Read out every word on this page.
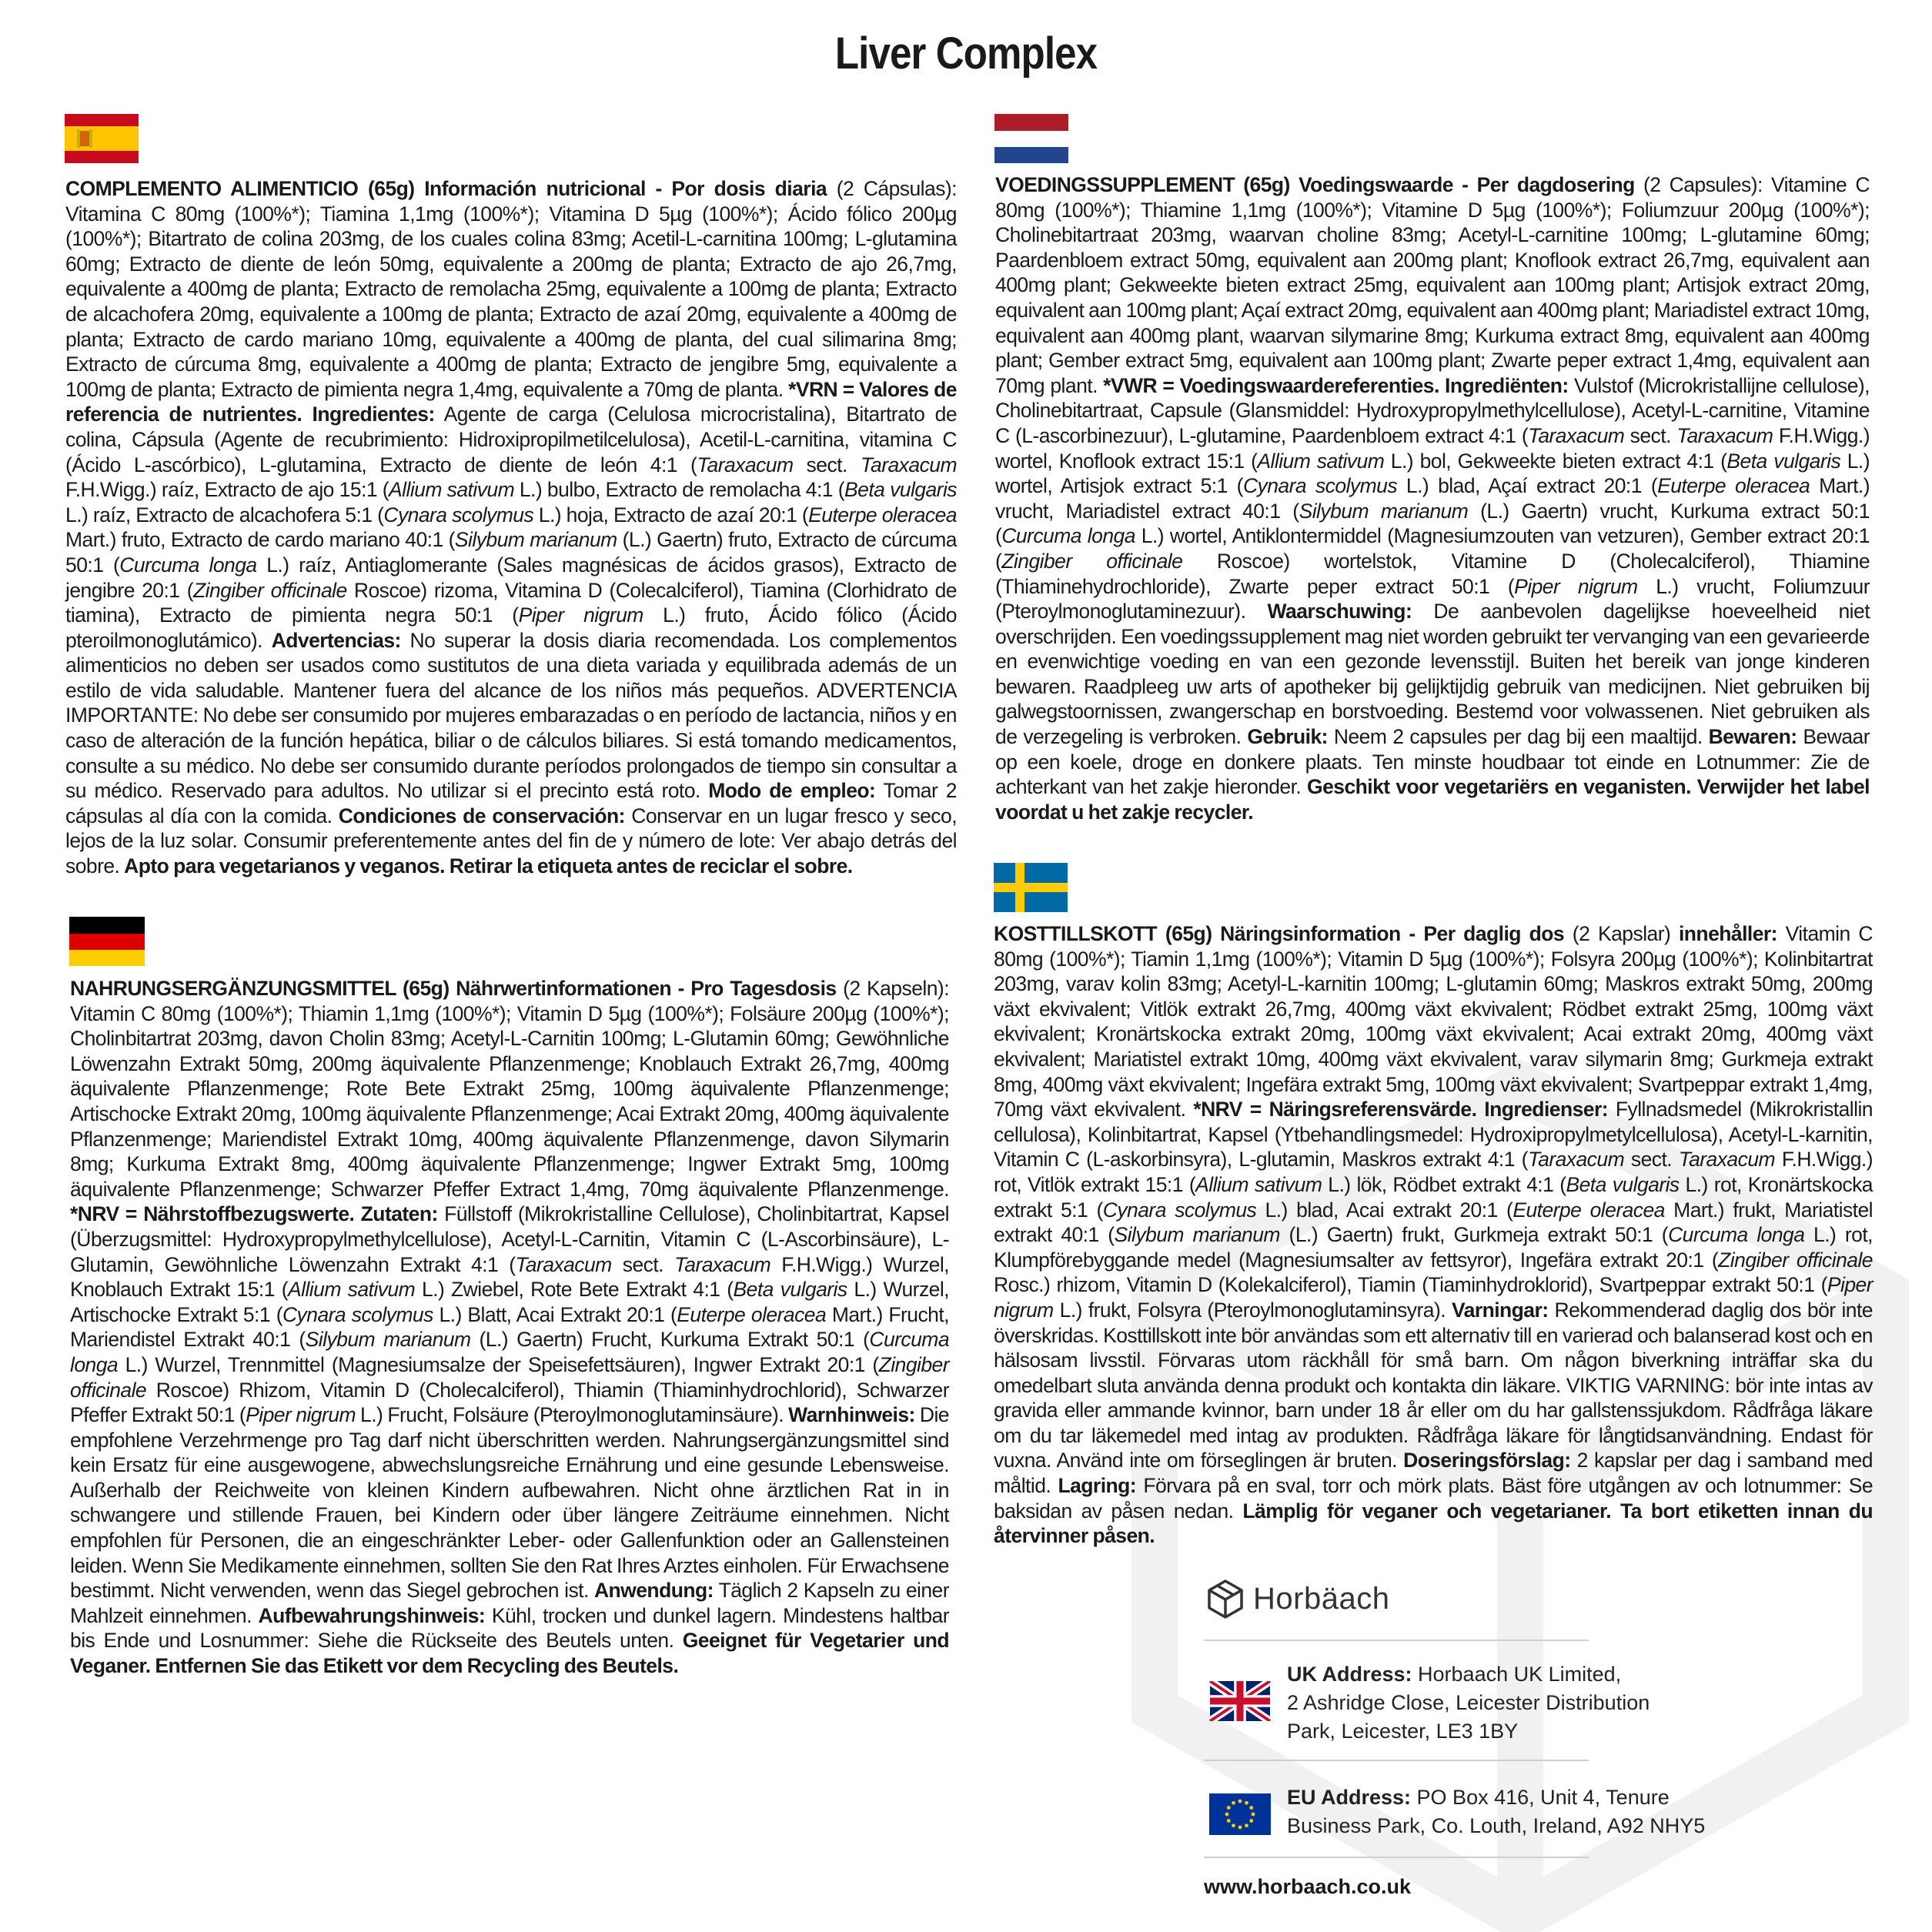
Liver Complex
COMPLEMENTO ALIMENTICIO (65g) Información nutricional - Por dosis diaria (2 Cápsulas): Vitamina C 80mg (100%*); Tiamina 1,1mg (100%*); Vitamina D 5µg (100%*); Ácido fólico 200µg (100%*); Bitartrato de colina 203mg, de los cuales colina 83mg; Acetil-L-carnitina 100mg; L-glutamina 60mg; Extracto de diente de león 50mg, equivalente a 200mg de planta; Extracto de ajo 26,7mg, equivalente a 400mg de planta; Extracto de remolacha 25mg, equivalente a 100mg de planta; Extracto de alcachofera 20mg, equivalente a 100mg de planta; Extracto de azaí 20mg, equivalente a 400mg de planta; Extracto de cardo mariano 10mg, equivalente a 400mg de planta, del cual silimarina 8mg; Extracto de cúrcuma 8mg, equivalente a 400mg de planta; Extracto de jengibre 5mg, equivalente a 100mg de planta; Extracto de pimienta negra 1,4mg, equivalente a 70mg de planta. *VRN = Valores de referencia de nutrientes. Ingredientes: Agente de carga (Celulosa microcristalina), Bitartrato de colina, Cápsula (Agente de recubrimiento: Hidroxipropilmetilcelulosa), Acetil-L-carnitina, vitamina C (Ácido L-ascórbico), L-glutamina, Extracto de diente de león 4:1 (Taraxacum sect. Taraxacum F.H.Wigg.) raíz, Extracto de ajo 15:1 (Allium sativum L.) bulbo, Extracto de remolacha 4:1 (Beta vulgaris L.) raíz, Extracto de alcachofera 5:1 (Cynara scolymus L.) hoja, Extracto de azaí 20:1 (Euterpe oleracea Mart.) fruto, Extracto de cardo mariano 40:1 (Silybum marianum (L.) Gaertn) fruto, Extracto de cúrcuma 50:1 (Curcuma longa L.) raíz, Antiaglomerante (Sales magnésicas de ácidos grasos), Extracto de jengibre 20:1 (Zingiber officinale Roscoe) rizoma, Vitamina D (Colecalciferol), Tiamina (Clorhidrato de tiamina), Extracto de pimienta negra 50:1 (Piper nigrum L.) fruto, Ácido fólico (Ácido pteroilmonoglutámico). Advertencias: No superar la dosis diaria recomendada. Los complementos alimenticios no deben ser usados como sustitutos de una dieta variada y equilibrada además de un estilo de vida saludable. Mantener fuera del alcance de los niños más pequeños. ADVERTENCIA IMPORTANTE: No debe ser consumido por mujeres embarazadas o en período de lactancia, niños y en caso de alteración de la función hepática, biliar o de cálculos biliares. Si está tomando medicamentos, consulte a su médico. No debe ser consumido durante períodos prolongados de tiempo sin consultar a su médico. Reservado para adultos. No utilizar si el precinto está roto. Modo de empleo: Tomar 2 cápsulas al día con la comida. Condiciones de conservación: Conservar en un lugar fresco y seco, lejos de la luz solar. Consumir preferentemente antes del fin de y número de lote: Ver abajo detrás del sobre. Apto para vegetarianos y veganos. Retirar la etiqueta antes de reciclar el sobre.
VOEDINGSSUPPLEMENT (65g) Voedingswaarde - Per dagdosering (2 Capsules): Vitamine C 80mg (100%*); Thiamine 1,1mg (100%*); Vitamine D 5µg (100%*); Foliumzuur 200µg (100%*); Cholinebitartraat 203mg, waarvan choline 83mg; Acetyl-L-carnitine 100mg; L-glutamine 60mg; Paardenbloem extract 50mg, equivalent aan 200mg plant; Knoflook extract 26,7mg, equivalent aan 400mg plant; Gekweekte bieten extract 25mg, equivalent aan 100mg plant; Artisjok extract 20mg, equivalent aan 100mg plant; Açaí extract 20mg, equivalent aan 400mg plant; Mariadistel extract 10mg, equivalent aan 400mg plant, waarvan silymarine 8mg; Kurkuma extract 8mg, equivalent aan 400mg plant; Gember extract 5mg, equivalent aan 100mg plant; Zwarte peper extract 1,4mg, equivalent aan 70mg plant. *VWR = Voedingswaardereferenties. Ingrediënten: Vulstof (Microkristallijne cellulose), Cholinebitartraat, Capsule (Glansmiddel: Hydroxypropylmethylcellulose), Acetyl-L-carnitine, Vitamine C (L-ascorbinezuur), L-glutamine, Paardenbloem extract 4:1 (Taraxacum sect. Taraxacum F.H.Wigg.) wortel, Knoflook extract 15:1 (Allium sativum L.) bol, Gekweekte bieten extract 4:1 (Beta vulgaris L.) wortel, Artisjok extract 5:1 (Cynara scolymus L.) blad, Açaí extract 20:1 (Euterpe oleracea Mart.) vrucht, Mariadistel extract 40:1 (Silybum marianum (L.) Gaertn) vrucht, Kurkuma extract 50:1 (Curcuma longa L.) wortel, Antiklontermiddel (Magnesiumzouten van vetzuren), Gember extract 20:1 (Zingiber officinale Roscoe) wortelstok, Vitamine D (Cholecalciferol), Thiamine (Thiaminehydrochloride), Zwarte peper extract 50:1 (Piper nigrum L.) vrucht, Foliumzuur (Pteroylmonoglutaminezuur). Waarschuwing: De aanbevolen dagelijkse hoeveelheid niet overschrijden. Een voedingssupplement mag niet worden gebruikt ter vervanging van een gevarieerde en evenwichtige voeding en van een gezonde levensstijl. Buiten het bereik van jonge kinderen bewaren. Raadpleeg uw arts of apotheker bij gelijktijdig gebruik van medicijnen. Niet gebruiken bij galwegstoornissen, zwangerschap en borstvoeding. Bestemd voor volwassenen. Niet gebruiken als de verzegeling is verbroken. Gebruik: Neem 2 capsules per dag bij een maaltijd. Bewaren: Bewaar op een koele, droge en donkere plaats. Ten minste houdbaar tot einde en Lotnummer: Zie de achterkant van het zakje hieronder. Geschikt voor vegetariërs en veganisten. Verwijder het label voordat u het zakje recycler.
NAHRUNGSERGÄNZUNGSMITTEL (65g) Nährwertinformationen - Pro Tagesdosis (2 Kapseln): Vitamin C 80mg (100%*); Thiamin 1,1mg (100%*); Vitamin D 5µg (100%*); Folsäure 200µg (100%*); Cholinbitartrat 203mg, davon Cholin 83mg; Acetyl-L-Carnitin 100mg; L-Glutamin 60mg; Gewöhnliche Löwenzahn Extrakt 50mg, 200mg äquivalente Pflanzenmenge; Knoblauch Extrakt 26,7mg, 400mg äquivalente Pflanzenmenge; Rote Bete Extrakt 25mg, 100mg äquivalente Pflanzenmenge; Artischocke Extrakt 20mg, 100mg äquivalente Pflanzenmenge; Acai Extrakt 20mg, 400mg äquivalente Pflanzenmenge; Mariendistel Extrakt 10mg, 400mg äquivalente Pflanzenmenge, davon Silymarin 8mg; Kurkuma Extrakt 8mg, 400mg äquivalente Pflanzenmenge; Ingwer Extrakt 5mg, 100mg äquivalente Pflanzenmenge; Schwarzer Pfeffer Extract 1,4mg, 70mg äquivalente Pflanzenmenge. *NRV = Nährstoffbezugswerte. Zutaten: Füllstoff (Mikrokristalline Cellulose), Cholinbitartrat, Kapsel (Überzugsmittel: Hydroxypropylmethylcellulose), Acetyl-L-Carnitin, Vitamin C (L-Ascorbinsäure), L-Glutamin, Gewöhnliche Löwenzahn Extrakt 4:1 (Taraxacum sect. Taraxacum F.H.Wigg.) Wurzel, Knoblauch Extrakt 15:1 (Allium sativum L.) Zwiebel, Rote Bete Extrakt 4:1 (Beta vulgaris L.) Wurzel, Artischocke Extrakt 5:1 (Cynara scolymus L.) Blatt, Acai Extrakt 20:1 (Euterpe oleracea Mart.) Frucht, Mariendistel Extrakt 40:1 (Silybum marianum (L.) Gaertn) Frucht, Kurkuma Extrakt 50:1 (Curcuma longa L.) Wurzel, Trennmittel (Magnesiumsalze der Speisefettsäuren), Ingwer Extrakt 20:1 (Zingiber officinale Roscoe) Rhizom, Vitamin D (Cholecalciferol), Thiamin (Thiaminhydrochlorid), Schwarzer Pfeffer Extrakt 50:1 (Piper nigrum L.) Frucht, Folsäure (Pteroylmonoglutaminsäure). Warnhinweis: Die empfohlene Verzehrmenge pro Tag darf nicht überschritten werden. Nahrungsergänzungsmittel sind kein Ersatz für eine ausgewogene, abwechslungsreiche Ernährung und eine gesunde Lebensweise. Außerhalb der Reichweite von kleinen Kindern aufbewahren. Nicht ohne ärztlichen Rat in in schwangere und stillende Frauen, bei Kindern oder über längere Zeiträume einnehmen. Nicht empfohlen für Personen, die an eingeschränkter Leber- oder Gallenfunktion oder an Gallensteinen leiden. Wenn Sie Medikamente einnehmen, sollten Sie den Rat Ihres Arztes einholen. Für Erwachsene bestimmt. Nicht verwenden, wenn das Siegel gebrochen ist. Anwendung: Täglich 2 Kapseln zu einer Mahlzeit einnehmen. Aufbewahrungshinweis: Kühl, trocken und dunkel lagern. Mindestens haltbar bis Ende und Losnummer: Siehe die Rückseite des Beutels unten. Geeignet für Vegetarier und Veganer. Entfernen Sie das Etikett vor dem Recycling des Beutels.
KOSTTILLSKOTT (65g) Näringsinformation - Per daglig dos (2 Kapslar) innehåller: Vitamin C 80mg (100%*); Tiamin 1,1mg (100%*); Vitamin D 5µg (100%*); Folsyra 200µg (100%*); Kolinbitartrat 203mg, varav kolin 83mg; Acetyl-L-karnitin 100mg; L-glutamin 60mg; Maskros extrakt 50mg, 200mg växt ekvivalent; Vitlök extrakt 26,7mg, 400mg växt ekvivalent; Rödbet extrakt 25mg, 100mg växt ekvivalent; Kronärtskocka extrakt 20mg, 100mg växt ekvivalent; Acai extrakt 20mg, 400mg växt ekvivalent; Mariatistel extrakt 10mg, 400mg växt ekvivalent, varav silymarin 8mg; Gurkmeja extrakt 8mg, 400mg växt ekvivalent; Ingefära extrakt 5mg, 100mg växt ekvivalent; Svartpeppar extrakt 1,4mg, 70mg växt ekvivalent. *NRV = Näringsreferensvärde. Ingredienser: Fyllnadsmedel (Mikrokristallin cellulosa), Kolinbitartrat, Kapsel (Ytbehandlingsmedel: Hydroxipropylmetylcellulosa), Acetyl-L-karnitin, Vitamin C (L-askorbinsyra), L-glutamin, Maskros extrakt 4:1 (Taraxacum sect. Taraxacum F.H.Wigg.) rot, Vitlök extrakt 15:1 (Allium sativum L.) lök, Rödbet extrakt 4:1 (Beta vulgaris L.) rot, Kronärtskocka extrakt 5:1 (Cynara scolymus L.) blad, Acai extrakt 20:1 (Euterpe oleracea Mart.) frukt, Mariatistel extrakt 40:1 (Silybum marianum (L.) Gaertn) frukt, Gurkmeja extrakt 50:1 (Curcuma longa L.) rot, Klumpförebyggande medel (Magnesiumsalter av fettsyror), Ingefära extrakt 20:1 (Zingiber officinale Rosc.) rhizom, Vitamin D (Kolekalciferol), Tiamin (Tiaminhydroklorid), Svartpeppar extrakt 50:1 (Piper nigrum L.) frukt, Folsyra (Pteroylmonoglutaminsyra). Varningar: Rekommenderad daglig dos bör inte överskridas. Kosttillskott inte bör användas som ett alternativ till en varierad och balanserad kost och en hälsosam livsstil. Förvaras utom räckhåll för små barn. Om någon biverkning inträffar ska du omedelbart sluta använda denna produkt och kontakta din läkare. VIKTIG VARNING: bör inte intas av gravida eller ammande kvinnor, barn under 18 år eller om du har gallstenssjukdom. Rådfråga läkare om du tar läkemedel med intag av produkten. Rådfråga läkare för långtidsanvändning. Endast för vuxna. Använd inte om förseglingen är bruten. Doseringsförslag: 2 kapslar per dag i samband med måltid. Lagring: Förvara på en sval, torr och mörk plats. Bäst före utgången av och lotnummer: Se baksidan av påsen nedan. Lämplig för veganer och vegetarianer. Ta bort etiketten innan du återvinner påsen.
Horbäach
UK Address: Horbaach UK Limited,
2 Ashridge Close, Leicester Distribution
Park, Leicester, LE3 1BY
EU Address: PO Box 416, Unit 4, Tenure
Business Park, Co. Louth, Ireland, A92 NHY5
www.horbaach.co.uk
